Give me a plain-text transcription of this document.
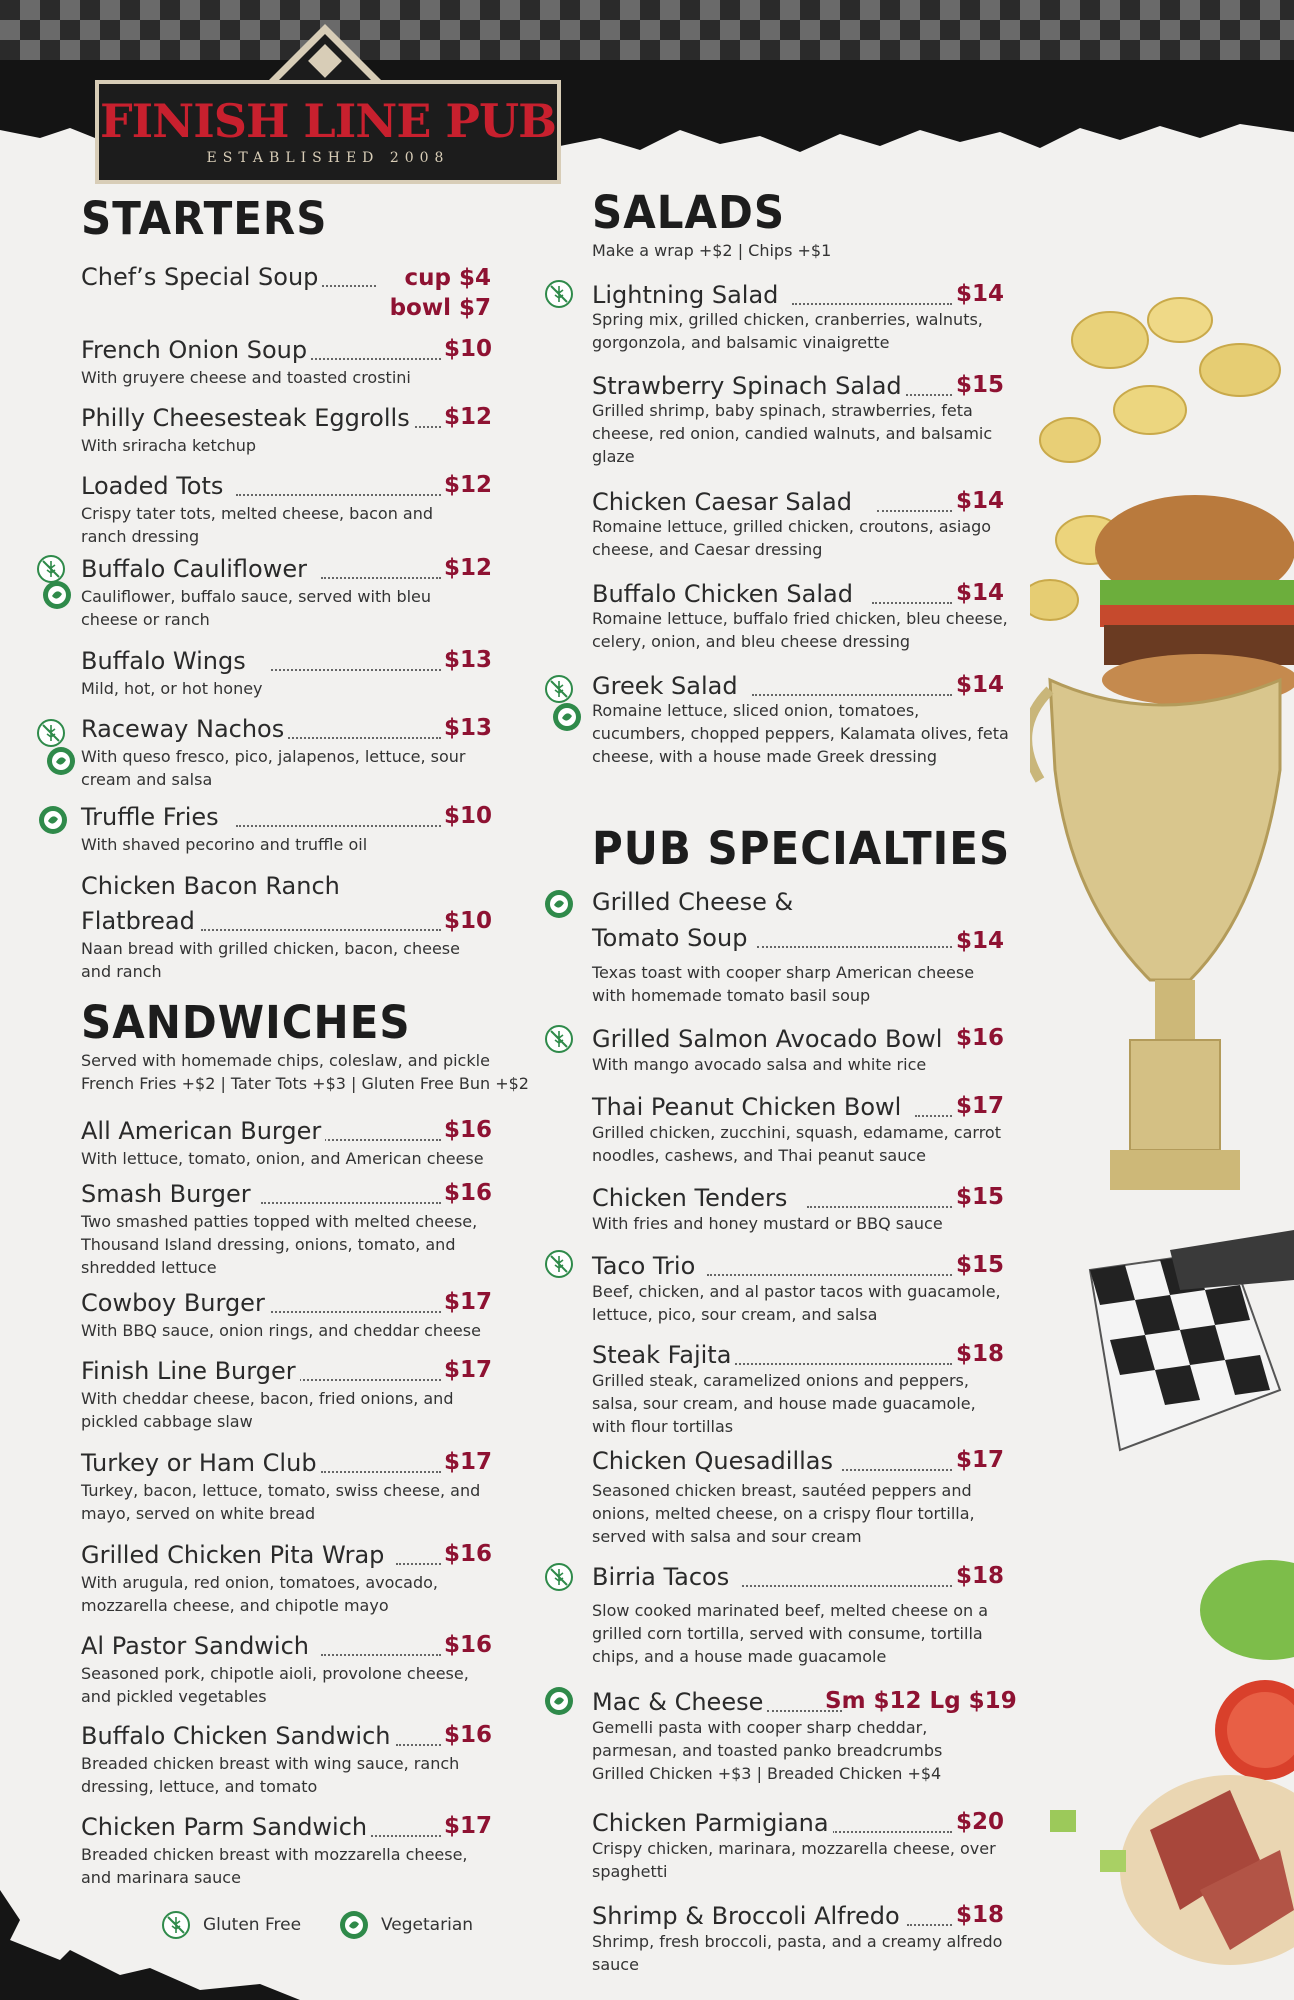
FINISH LINE PUB
ESTABLISHED 2008
STARTERS
Chef’s Special Soup	cup $4
bowl $7
French Onion Soup	$10
With gruyere cheese and toasted crostini
Philly Cheesesteak Eggrolls $12
With sriracha ketchup
Loaded Tots	$12
Crispy tater tots, melted cheese, bacon and ranch dressing
Buffalo Cauliflower	$12
Cauliflower, buffalo sauce, served with bleu cheese or ranch
Buffalo Wings	$13
Mild, hot, or hot honey
Raceway Nachos	$13
With queso fresco, pico, jalapenos, lettuce, sour cream and salsa
Truffle Fries	$10
With shaved pecorino and truffle oil
Chicken Bacon Ranch
Flatbread	$10
Naan bread with grilled chicken, bacon, cheese and ranch
SANDWICHES
Served with homemade chips, coleslaw, and pickle
French Fries +$2 | Tater Tots +$3 | Gluten Free Bun +$2
All American Burger	$16
With lettuce, tomato, onion, and American cheese
Smash Burger	$16
Two smashed patties topped with melted cheese, Thousand Island dressing, onions, tomato, and shredded lettuce
Cowboy Burger	$17
With BBQ sauce, onion rings, and cheddar cheese
Finish Line Burger	$17
With cheddar cheese, bacon, fried onions, and pickled cabbage slaw
Turkey or Ham Club	$17
Turkey, bacon, lettuce, tomato, swiss cheese, and mayo, served on white bread
Grilled Chicken Pita Wrap	$16
With arugula, red onion, tomatoes, avocado, mozzarella cheese, and chipotle mayo
Al Pastor Sandwich	$16
Seasoned pork, chipotle aioli, provolone cheese, and pickled vegetables
Buffalo Chicken Sandwich $16
Breaded chicken breast with wing sauce, ranch dressing, lettuce, and tomato
Chicken Parm Sandwich	$17
Breaded chicken breast with mozzarella cheese, and marinara sauce
Gluten Free	Vegetarian
SALADS
Make a wrap +$2 | Chips +$1
Lightning Salad	$14
Spring mix, grilled chicken, cranberries, walnuts, gorgonzola, and balsamic vinaigrette
Strawberry Spinach Salad $15
Grilled shrimp, baby spinach, strawberries, feta cheese, red onion, candied walnuts, and balsamic glaze
Chicken Caesar Salad	$14
Romaine lettuce, grilled chicken, croutons, asiago cheese, and Caesar dressing
Buffalo Chicken Salad	$14
Romaine lettuce, buffalo fried chicken, bleu cheese, celery, onion, and bleu cheese dressing
Greek Salad	$14
Romaine lettuce, sliced onion, tomatoes, cucumbers, chopped peppers, Kalamata olives, feta cheese, with a house made Greek dressing
PUB SPECIALTIES
Grilled Cheese &
Tomato Soup	$14
Texas toast with cooper sharp American cheese with homemade tomato basil soup
Grilled Salmon Avocado Bowl $16
With mango avocado salsa and white rice
Thai Peanut Chicken Bowl $17
Grilled chicken, zucchini, squash, edamame, carrot noodles, cashews, and Thai peanut sauce
Chicken Tenders	$15
With fries and honey mustard or BBQ sauce
Taco Trio	$15
Beef, chicken, and al pastor tacos with guacamole, lettuce, pico, sour cream, and salsa
Steak Fajita	$18
Grilled steak, caramelized onions and peppers, salsa, sour cream, and house made guacamole, with flour tortillas
Chicken Quesadillas	$17
Seasoned chicken breast, sautéed peppers and onions, melted cheese, on a crispy flour tortilla, served with salsa and sour cream
Birria Tacos	$18
Slow cooked marinated beef, melted cheese on a grilled corn tortilla, served with consume, tortilla chips, and a house made guacamole
Mac & Cheese	Sm $12 Lg $19
Gemelli pasta with cooper sharp cheddar, parmesan, and toasted panko breadcrumbs
Grilled Chicken +$3 | Breaded Chicken +$4
Chicken Parmigiana	$20
Crispy chicken, marinara, mozzarella cheese, over spaghetti
Shrimp & Broccoli Alfredo $18
Shrimp, fresh broccoli, pasta, and a creamy alfredo sauce
